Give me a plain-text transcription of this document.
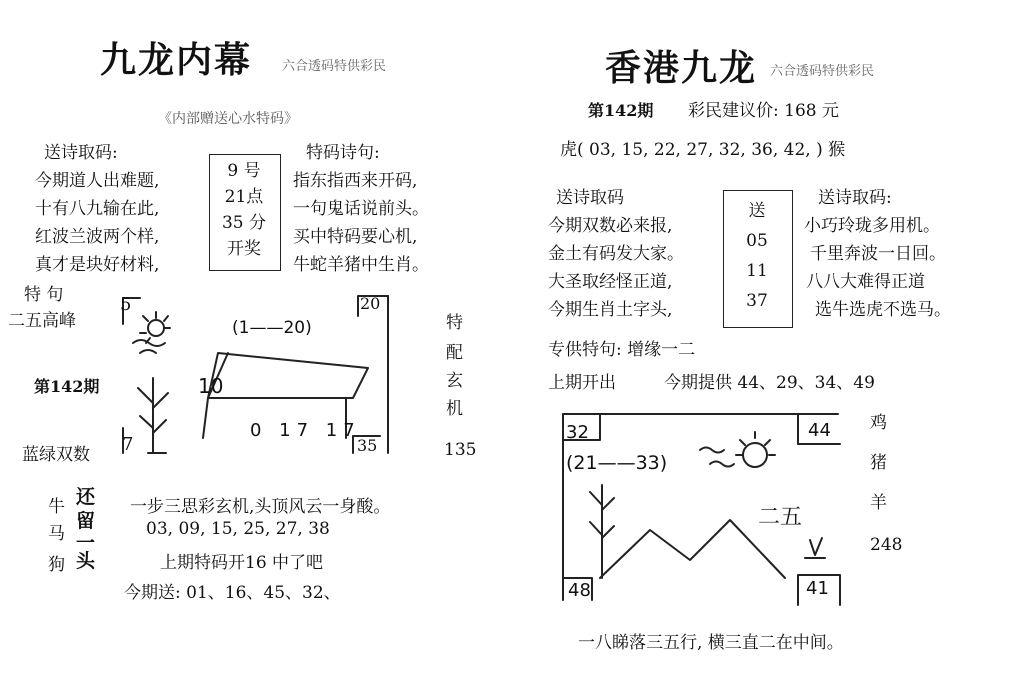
九龙内幕 六合透码特供彩民
《内部赠送心水特码》
送诗取码:
今期道人出难题,
十有八九输在此,
红波兰波两个样,
真才是块好材料,
9 号
21点
35 分
开奖
特码诗句:
指东指西来开码,
一句鬼话说前头。
买中特码要心机,
牛蛇羊猪中生肖。
特 句
二五高峰
第142期
蓝绿双数
5	20
7	35
(1——20)
10
0 17 17
特
配
玄
机
135
牛
马
狗
还
留
一
头
一步三思彩玄机,头顶风云一身酸。
03, 09, 15, 25, 27, 38
上期特码开16 中了吧
今期送: 01、16、45、32、
香港九龙 六合透码特供彩民
第142期 彩民建议价: 168 元
虎( 03, 15, 22, 27, 32, 36, 42, ) 猴
送诗取码
今期双数必来报,
金土有码发大家。
大圣取经怪正道,
今期生肖土字头,
送
05
11
37
送诗取码:
小巧玲珑多用机。
千里奔波一日回。
八八大难得正道
选牛选虎不选马。
专供特句: 增缘一二
上期开出	今期提供 44、29、34、49
32	44
48	41
(21——33)
二五
鸡
猪
羊
248
一八睇落三五行, 横三直二在中间。
